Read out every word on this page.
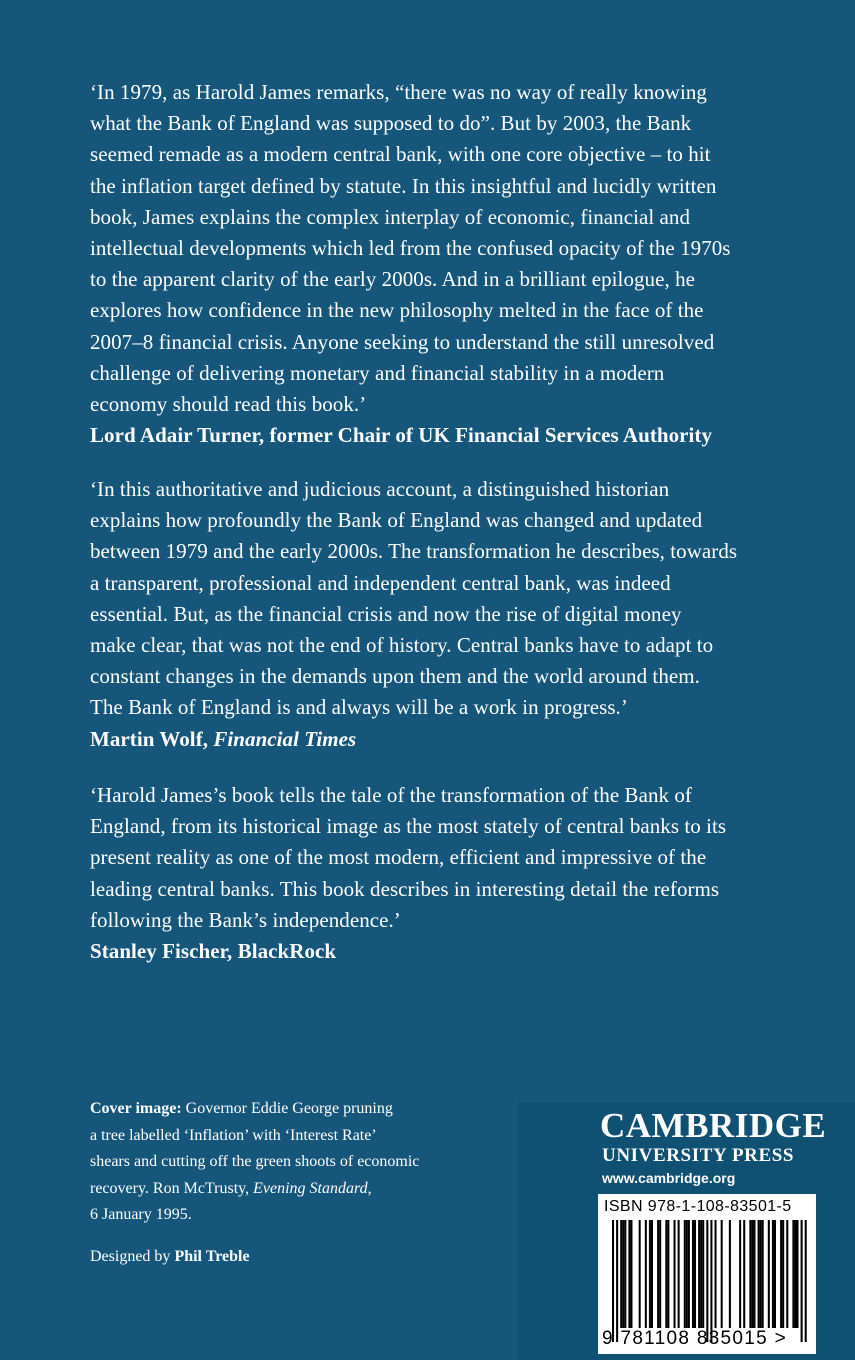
‘In 1979, as Harold James remarks, “there was no way of really knowing

what the Bank of England was supposed to do”. But by 2003, the Bank

seemed remade as a modern central bank, with one core objective – to hit

the inflation target defined by statute. In this insightful and lucidly written

book, James explains the complex interplay of economic, financial and

intellectual developments which led from the confused opacity of the 1970s

to the apparent clarity of the early 2000s. And in a brilliant epilogue, he

explores how confidence in the new philosophy melted in the face of the

2007–8 financial crisis. Anyone seeking to understand the still unresolved

challenge of delivering monetary and financial stability in a modern

economy should read this book.’

Lord Adair Turner, former Chair of UK Financial Services Authority

‘In this authoritative and judicious account, a distinguished historian

explains how profoundly the Bank of England was changed and updated

between 1979 and the early 2000s. The transformation he describes, towards

a transparent, professional and independent central bank, was indeed

essential. But, as the financial crisis and now the rise of digital money

make clear, that was not the end of history. Central banks have to adapt to

constant changes in the demands upon them and the world around them.

The Bank of England is and always will be a work in progress.’

Martin Wolf, Financial Times

‘Harold James’s book tells the tale of the transformation of the Bank of

England, from its historical image as the most stately of central banks to its

present reality as one of the most modern, efficient and impressive of the

leading central banks. This book describes in interesting detail the reforms

following the Bank’s independence.’

Stanley Fischer, BlackRock

Cover image: Governor Eddie George pruning
a tree labelled ‘Inflation’ with ‘Interest Rate’
shears and cutting off the green shoots of economic
recovery. Ron McTrusty, Evening Standard,
6 January 1995.
Designed by Phil Treble
CAMBRIDGE
UNIVERSITY PRESS
www.cambridge.org
ISBN 978-1-108-83501-5
9 781108 835015 >
